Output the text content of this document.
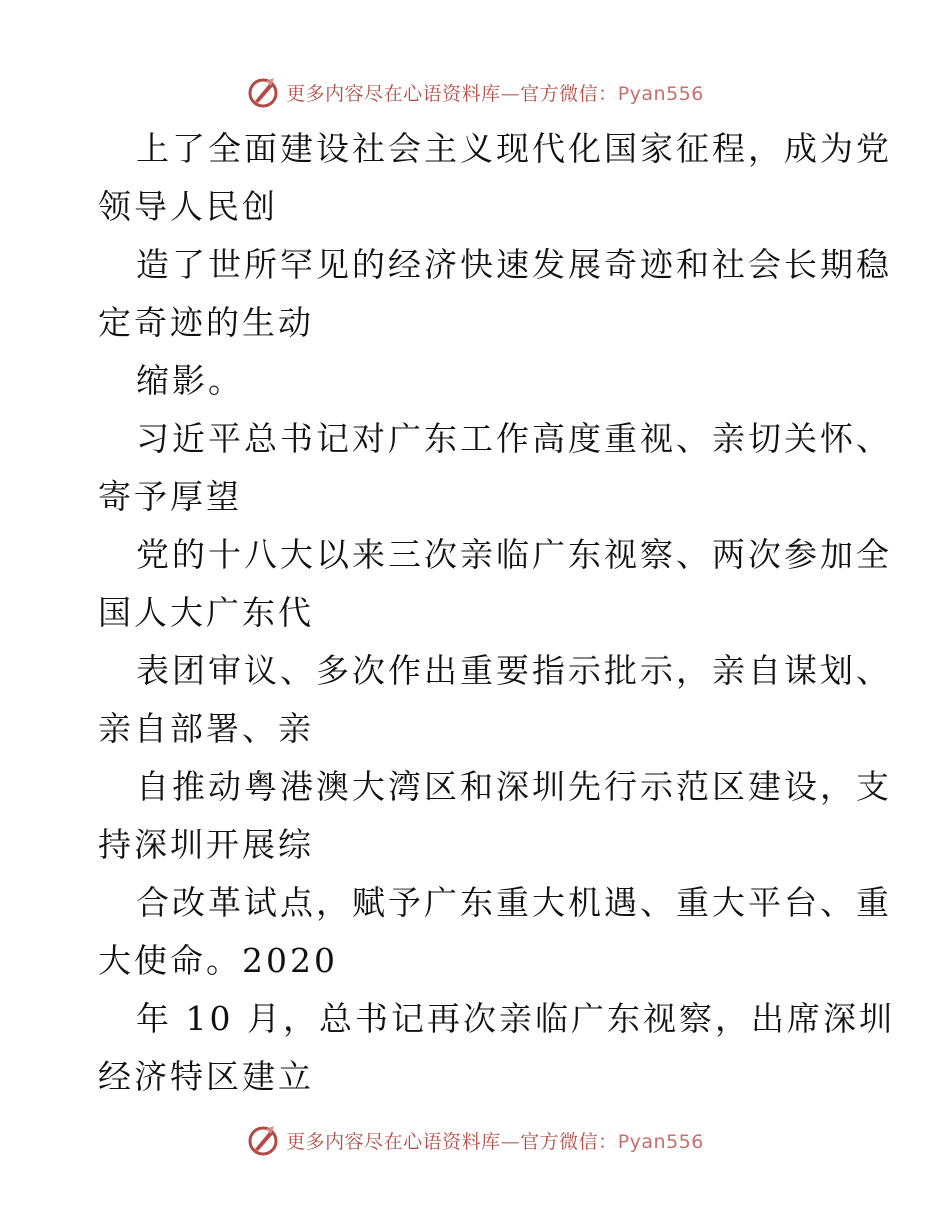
更多内容尽在心语资料库—官方微信：Pyan556
上了全面建设社会主义现代化国家征程，成为党
领导人民创
造了世所罕见的经济快速发展奇迹和社会长期稳
定奇迹的生动
缩影。
习近平总书记对广东工作高度重视、亲切关怀、
寄予厚望
党的十八大以来三次亲临广东视察、两次参加全
国人大广东代
表团审议、多次作出重要指示批示，亲自谋划、
亲自部署、亲
自推动粤港澳大湾区和深圳先行示范区建设，支
持深圳开展综
合改革试点，赋予广东重大机遇、重大平台、重
大使命。2020
年 10 月，总书记再次亲临广东视察，出席深圳
经济特区建立
更多内容尽在心语资料库—官方微信：Pyan556
